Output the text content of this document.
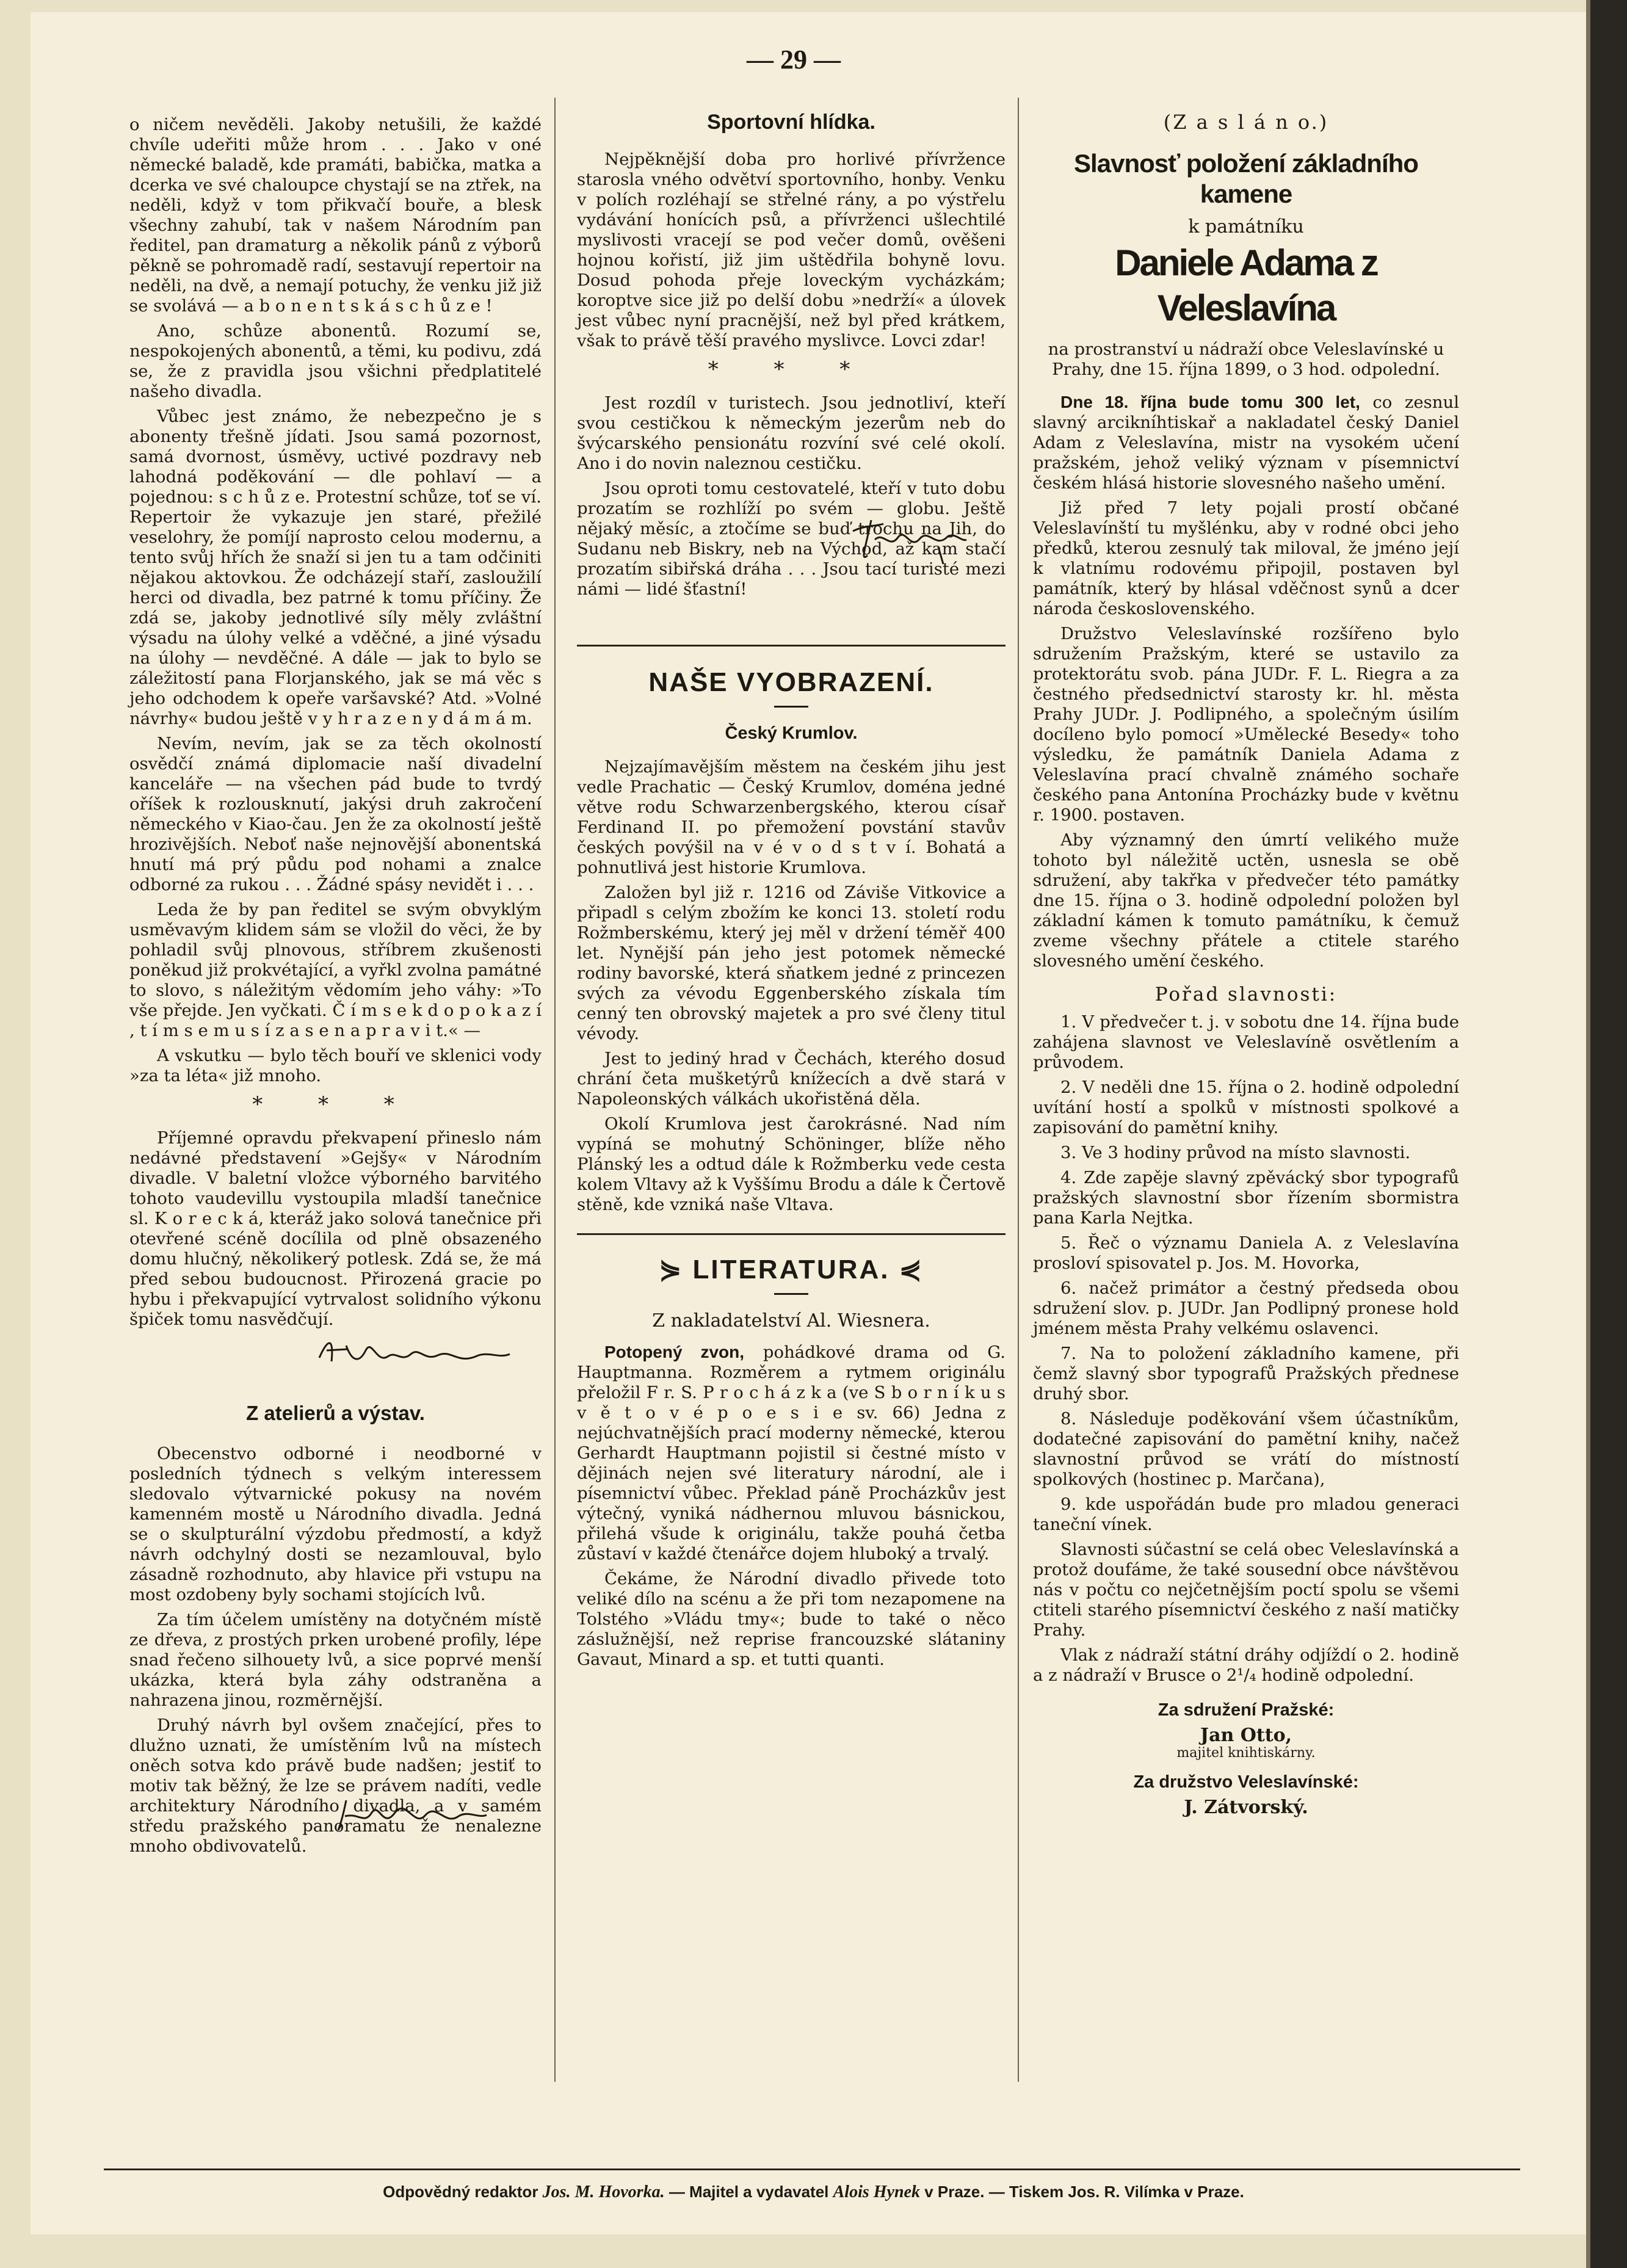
— 29 —

o ničem nevěděli. Jakoby netušili, že každé chvíle udeřiti může hrom . . . Jako v oné německé baladě, kde pramáti, babička, matka a dcerka ve své chaloupce chystají se na ztřek, na neděli, když v tom přikvačí bouře, a blesk všechny zahubí, tak v našem Národním pan ředitel, pan dramaturg a několik pánů z výborů pěkně se pohromadě radí, sestavují repertoir na neděli, na dvě, a nemají potuchy, že venku již již se svolává — a b o n e n t s k á s c h ů z e !

Ano, schůze abonentů. Rozumí se, nespokojených abonentů, a těmi, ku podivu, zdá se, že z pravidla jsou všichni předplatitelé našeho divadla.

Vůbec jest známo, že nebezpečno je s abonenty třešně jídati. Jsou samá pozornost, samá dvornost, úsměvy, uctivé pozdravy neb lahodná poděkování — dle pohlaví — a pojednou: s c h ů z e. Protestní schůze, toť se ví. Repertoir že vykazuje jen staré, přežilé veselohry, že pomíjí naprosto celou modernu, a tento svůj hřích že snaží si jen tu a tam odčiniti nějakou aktovkou. Že odcházejí staří, zasloužilí herci od divadla, bez patrné k tomu příčiny. Že zdá se, jakoby jednotlivé síly měly zvláštní výsadu na úlohy velké a vděčné, a jiné výsadu na úlohy — nevděčné. A dále — jak to bylo se záležitostí pana Florjanského, jak se má věc s jeho odchodem k opeře varšavské? Atd. »Volné návrhy« budou ještě v y h r a z e n y d á m á m.

Nevím, nevím, jak se za těch okolností osvědčí známá diplomacie naší divadelní kanceláře — na všechen pád bude to tvrdý oříšek k rozlousknutí, jakýsi druh zakročení německého v Kiao-čau. Jen že za okolností ještě hrozivějších. Neboť naše nejnovější abonentská hnutí má prý půdu pod nohami a znalce odborné za rukou . . . Žádné spásy nevidět i . . .

Leda že by pan ředitel se svým obvyklým usměvavým klidem sám se vložil do věci, že by pohladil svůj plnovous, stříbrem zkušenosti poněkud již prokvétající, a vyřkl zvolna památné to slovo, s náležitým vědomím jeho váhy: »To vše přejde. Jen vyčkati. Č í m s e k d o p o k a z í , t í m s e m u s í z a s e n a p r a v i t.« —

A vskutku — bylo těch bouří ve sklenici vody »za ta léta« již mnoho.

* * *

Příjemné opravdu překvapení přineslo nám nedávné představení »Gejšy« v Národním divadle. V baletní vložce výborného barvitého tohoto vaudevillu vystoupila mladší tanečnice sl. K o r e c k á, kteráž jako solová tanečnice při otevřené scéně docílila od plně obsazeného domu hlučný, několikerý potlesk. Zdá se, že má před sebou budoucnost. Přirozená gracie po hybu i překvapující vytrvalost solidního výkonu špiček tomu nasvědčují.

Z atelierů a výstav.

Obecenstvo odborné i neodborné v posledních týdnech s velkým interessem sledovalo výtvarnické pokusy na novém kamenném mostě u Národního divadla. Jedná se o skulpturální výzdobu předmostí, a když návrh odchylný dosti se nezamlouval, bylo zásadně rozhodnuto, aby hlavice při vstupu na most ozdobeny byly sochami stojících lvů.

Za tím účelem umístěny na dotyčném místě ze dřeva, z prostých prken urobené profily, lépe snad řečeno silhouety lvů, a sice poprvé menší ukázka, která byla záhy odstraněna a nahrazena jinou, rozměrnější.

Druhý návrh byl ovšem značející, přes to dlužno uznati, že umístěním lvů na místech oněch sotva kdo právě bude nadšen; jestiť to motiv tak běžný, že lze se právem nadíti, vedle architektury Národního divadla, a v samém středu pražského panoramatu že nenalezne mnoho obdivovatelů.

Sportovní hlídka.

Nejpěknější doba pro horlivé přívržence starosla vného odvětví sportovního, honby. Venku v polích rozléhají se střelné rány, a po výstřelu vydávání honících psů, a přívrženci ušlechtilé myslivosti vracejí se pod večer domů, ověšeni hojnou kořistí, již jim uštědřila bohyně lovu. Dosud pohoda přeje loveckým vycházkám; koroptve sice již po delší dobu »nedrží« a úlovek jest vůbec nyní pracnější, než byl před krátkem, však to právě těší pravého myslivce. Lovci zdar!

* * *

Jest rozdíl v turistech. Jsou jednotliví, kteří svou cestičkou k německým jezerům neb do švýcarského pensionátu rozvíní své celé okolí. Ano i do novin naleznou cestičku.

Jsou oproti tomu cestovatelé, kteří v tuto dobu prozatím se rozhlíží po svém — globu. Ještě nějaký měsíc, a ztočíme se buď trochu na Jih, do Sudanu neb Biskry, neb na Východ, až kam stačí prozatím sibiřská dráha . . . Jsou tací turisté mezi námi — lidé šťastní!

NAŠE VYOBRAZENÍ.
Český Krumlov.

Nejzajímavějším městem na českém jihu jest vedle Prachatic — Český Krumlov, doména jedné větve rodu Schwarzenbergského, kterou císař Ferdinand II. po přemožení povstání stavův českých povýšil na v é v o d s t v í. Bohatá a pohnutlivá jest historie Krumlova.

Založen byl již r. 1216 od Záviše Vitkovice a připadl s celým zbožím ke konci 13. století rodu Rožmberskému, který jej měl v držení téměř 400 let. Nynější pán jeho jest potomek německé rodiny bavorské, která sňatkem jedné z princezen svých za vévodu Eggenberského získala tím cenný ten obrovský majetek a pro své členy titul vévody.

Jest to jediný hrad v Čechách, kterého dosud chrání četa mušketýrů knížecích a dvě stará v Napoleonských válkách ukořistěná děla.

Okolí Krumlova jest čarokrásné. Nad ním vypíná se mohutný Schöninger, blíže něho Plánský les a odtud dále k Rožmberku vede cesta kolem Vltavy až k Vyššímu Brodu a dále k Čertově stěně, kde vzniká naše Vltava.

⋟ LITERATURA. ⋞
Z nakladatelství Al. Wiesnera.

Potopený zvon, pohádkové drama od G. Hauptmanna. Rozměrem a rytmem originálu přeložil F r. S. P r o c h á z k a (ve S b o r n í k u s v ě t o v é p o e s i e sv. 66) Jedna z nejúchvatnějších prací moderny německé, kterou Gerhardt Hauptmann pojistil si čestné místo v dějinách nejen své literatury národní, ale i písemnictví vůbec. Překlad páně Procházkův jest výtečný, vyniká nádhernou mluvou básnickou, přilehá všude k originálu, takže pouhá četba zůstaví v každé čtenářce dojem hluboký a trvalý.

Čekáme, že Národní divadlo přivede toto veliké dílo na scénu a že při tom nezapomene na Tolstého »Vládu tmy«; bude to také o něco záslužnější, než reprise francouzské slátaniny Gavaut, Minard a sp. et tutti quanti.

(Z a s l á n o.)
Slavnosť položení základního kamene
k památníku
Daniele Adama z Veleslavína

na prostranství u nádraží obce Veleslavínské u Prahy, dne 15. října 1899, o 3 hod. odpolední.

Dne 18. října bude tomu 300 let, co zesnul slavný arcikníhtiskař a nakladatel český Daniel Adam z Veleslavína, mistr na vysokém učení pražském, jehož veliký význam v písemnictví českém hlásá historie slovesného našeho umění.

Již před 7 lety pojali prostí občané Veleslavínští tu myšlénku, aby v rodné obci jeho předků, kterou zesnulý tak miloval, že jméno její k vlatnímu rodovému připojil, postaven byl památník, který by hlásal vděčnost synů a dcer národa československého.

Družstvo Veleslavínské rozšířeno bylo sdružením Pražským, které se ustavilo za protektorátu svob. pána JUDr. F. L. Riegra a za čestného předsednictví starosty kr. hl. města Prahy JUDr. J. Podlipného, a společným úsilím docíleno bylo pomocí »Umělecké Besedy« toho výsledku, že památník Daniela Adama z Veleslavína prací chvalně známého sochaře českého pana Antonína Procházky bude v květnu r. 1900. postaven.

Aby významný den úmrtí velikého muže tohoto byl náležitě uctěn, usnesla se obě sdružení, aby takřka v předvečer této památky dne 15. října o 3. hodině odpolední položen byl základní kámen k tomuto památníku, k čemuž zveme všechny přátele a ctitele starého slovesného umění českého.

Pořad slavnosti:

1. V předvečer t. j. v sobotu dne 14. října bude zahájena slavnost ve Veleslavíně osvětlením a průvodem.

2. V neděli dne 15. října o 2. hodině odpolední uvítání hostí a spolků v místnosti spolkové a zapisování do pamětní knihy.

3. Ve 3 hodiny průvod na místo slavnosti.

4. Zde zapěje slavný zpěvácký sbor typografů pražských slavnostní sbor řízením sbormistra pana Karla Nejtka.

5. Řeč o významu Daniela A. z Veleslavína prosloví spisovatel p. Jos. M. Hovorka,

6. načež primátor a čestný předseda obou sdružení slov. p. JUDr. Jan Podlipný pronese hold jménem města Prahy velkému oslavenci.

7. Na to položení základního kamene, při čemž slavný sbor typografů Pražských přednese druhý sbor.

8. Následuje poděkování všem účastníkům, dodatečné zapisování do pamětní knihy, načež slavnostní průvod se vrátí do místností spolkových (hostinec p. Marčana),

9. kde uspořádán bude pro mladou generaci taneční vínek.

Slavnosti súčastní se celá obec Veleslavínská a protož doufáme, že také sousední obce návštěvou nás v počtu co nejčetnějším poctí spolu se všemi ctiteli starého písemnictví českého z naší matičky Prahy.

Vlak z nádraží státní dráhy odjíždí o 2. hodině a z nádraží v Brusce o 2¹/₄ hodině odpolední.

Za sdružení Pražské:
Jan Otto,
majitel knihtiskárny.
Za družstvo Veleslavínské:
J. Zátvorský.
Odpovědný redaktor Jos. M. Hovorka. — Majitel a vydavatel Alois Hynek v Praze. — Tiskem Jos. R. Vilímka v Praze.
